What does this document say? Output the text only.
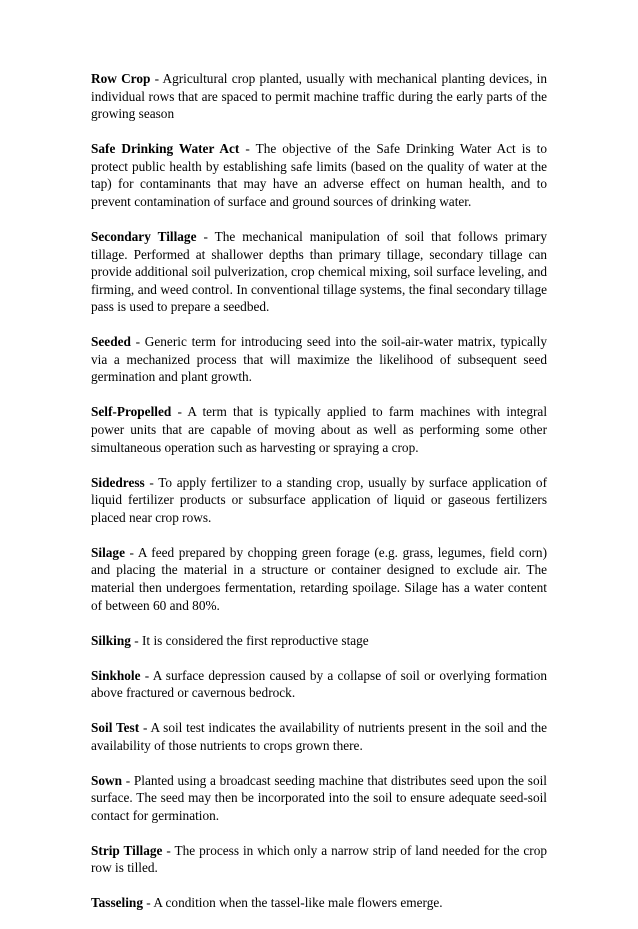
Row Crop - Agricultural crop planted, usually with mechanical planting devices, in individual rows that are spaced to permit machine traffic during the early parts of the growing season

Safe Drinking Water Act - The objective of the Safe Drinking Water Act is to protect public health by establishing safe limits (based on the quality of water at the tap) for contaminants that may have an adverse effect on human health, and to prevent contamination of surface and ground sources of drinking water.

Secondary Tillage - The mechanical manipulation of soil that follows primary tillage. Performed at shallower depths than primary tillage, secondary tillage can provide additional soil pulverization, crop chemical mixing, soil surface leveling, and firming, and weed control. In conventional tillage systems, the final secondary tillage pass is used to prepare a seedbed.

Seeded - Generic term for introducing seed into the soil-air-water matrix, typically via a mechanized process that will maximize the likelihood of subsequent seed germination and plant growth.

Self-Propelled - A term that is typically applied to farm machines with integral power units that are capable of moving about as well as performing some other simultaneous operation such as harvesting or spraying a crop.

Sidedress - To apply fertilizer to a standing crop, usually by surface application of liquid fertilizer products or subsurface application of liquid or gaseous fertilizers placed near crop rows.

Silage - A feed prepared by chopping green forage (e.g. grass, legumes, field corn) and placing the material in a structure or container designed to exclude air. The material then undergoes fermentation, retarding spoilage. Silage has a water content of between 60 and 80%.

Silking - It is considered the first reproductive stage

Sinkhole - A surface depression caused by a collapse of soil or overlying formation above fractured or cavernous bedrock.

Soil Test - A soil test indicates the availability of nutrients present in the soil and the availability of those nutrients to crops grown there.

Sown - Planted using a broadcast seeding machine that distributes seed upon the soil surface. The seed may then be incorporated into the soil to ensure adequate seed-soil contact for germination.

Strip Tillage - The process in which only a narrow strip of land needed for the crop row is tilled.

Tasseling - A condition when the tassel-like male flowers emerge.
